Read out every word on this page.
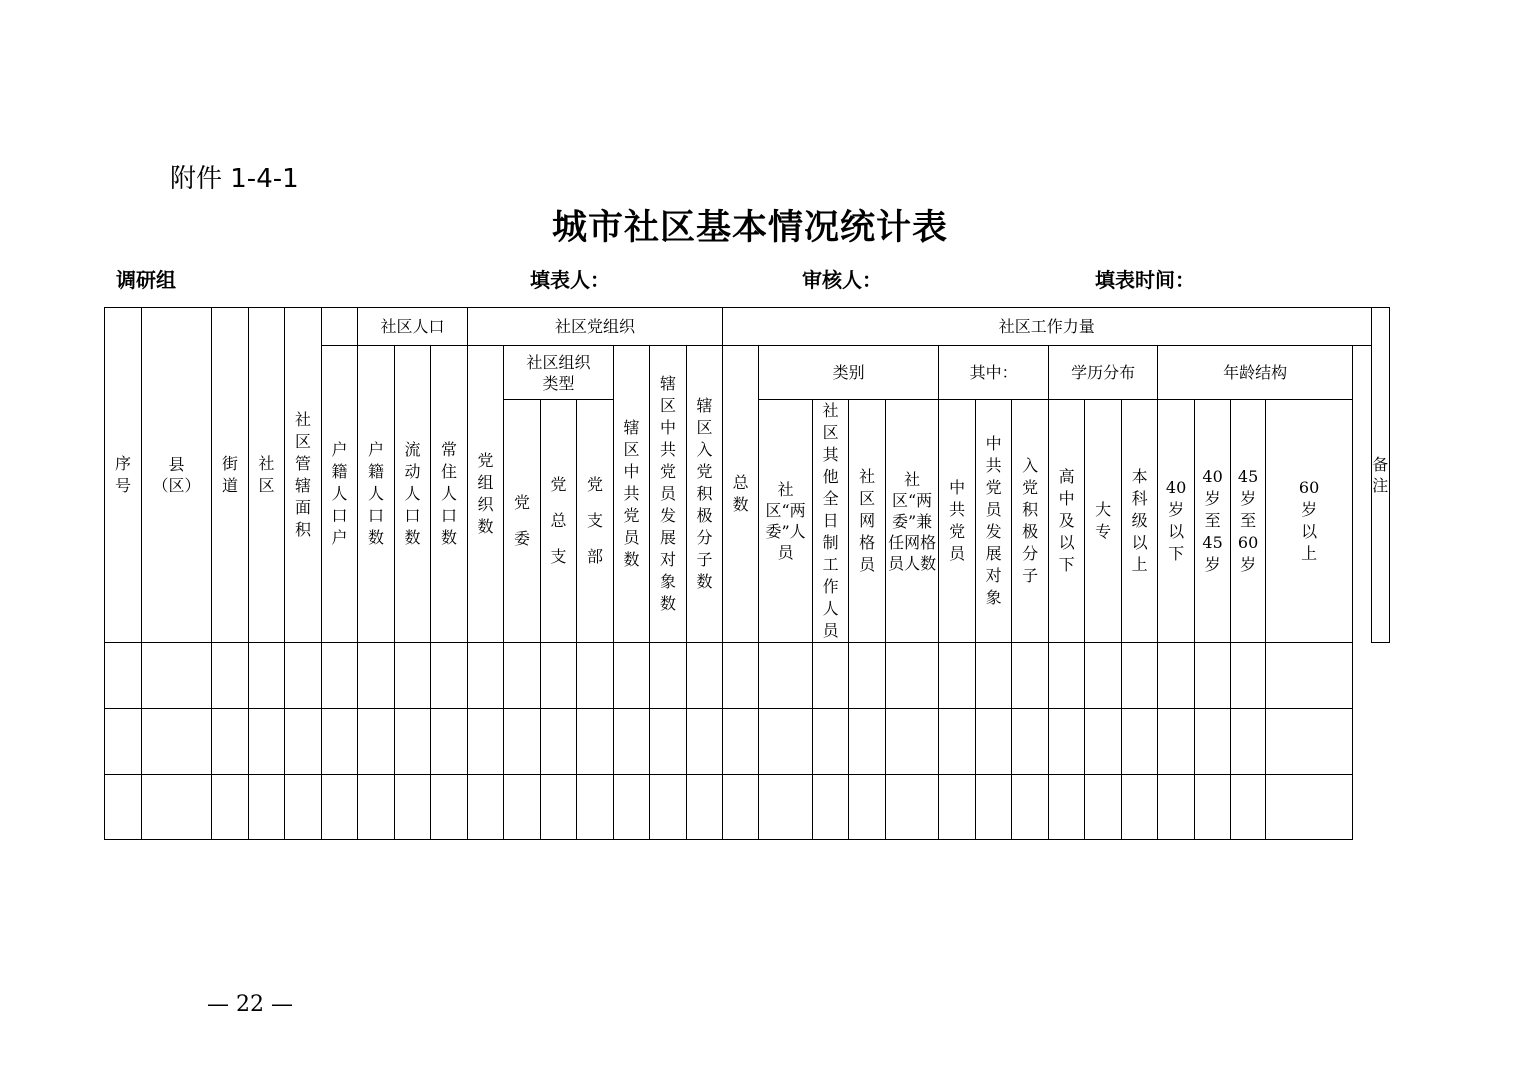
附件 1-4-1
城市社区基本情况统计表
调研组	填表人：	审核人：	填表时间：
序号	县（区）	街道	社区	社区管辖面积		社区人口			社区党组织							社区工作力量															备注
					户籍人口户	户籍人口数	流动人口数	常住人口数	党组织数	社区组织类型			辖区中共党员数	辖区中共党员发展对象数	辖区入党积极分子数	总数	类别				其中：			学历分布			年龄结构				
										党委	党总支	党支部					社区“两委”人员	社区其他全日制工作人员	社区网格员	社区“两委”兼任网格员人数	中共党员	中共党员发展对象	入党积极分子	高中及以下	大专	本科级以上	40岁以下	40岁至45岁	45岁至60岁	60岁以上	

— 22 —
